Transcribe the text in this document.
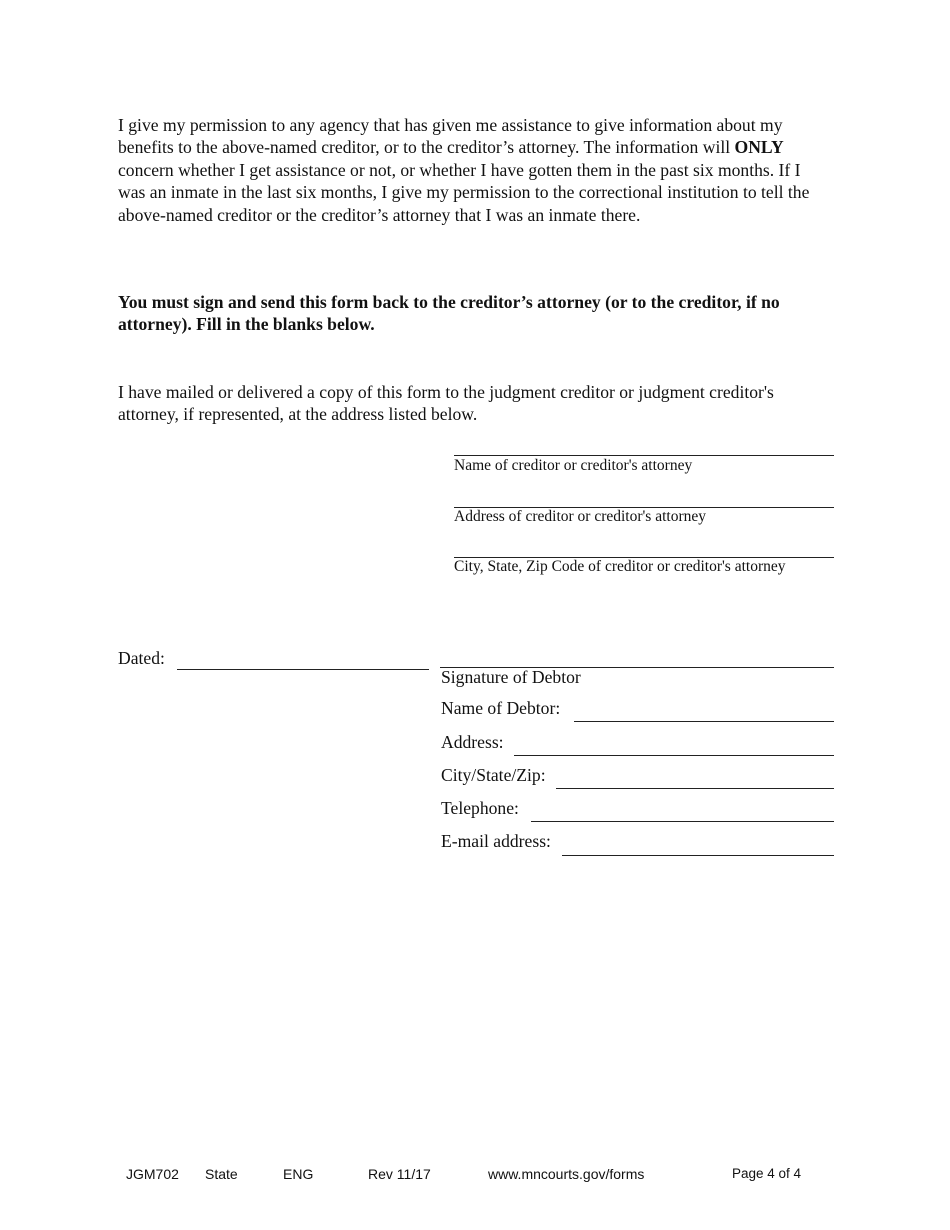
I give my permission to any agency that has given me assistance to give information about my benefits to the above-named creditor, or to the creditor’s attorney. The information will ONLY concern whether I get assistance or not, or whether I have gotten them in the past six months. If I was an inmate in the last six months, I give my permission to the correctional institution to tell the above-named creditor or the creditor’s attorney that I was an inmate there.

You must sign and send this form back to the creditor’s attorney (or to the creditor, if no attorney). Fill in the blanks below.

I have mailed or delivered a copy of this form to the judgment creditor or judgment creditor's attorney, if represented, at the address listed below.

Name of creditor or creditor's attorney
Address of creditor or creditor's attorney
City, State, Zip Code of creditor or creditor's attorney
Dated:
Signature of Debtor
Name of Debtor:
Address:
City/State/Zip:
Telephone:
E-mail address:
JGM702 State	ENG	Rev 11/17	www.mncourts.gov/forms	Page 4 of 4
